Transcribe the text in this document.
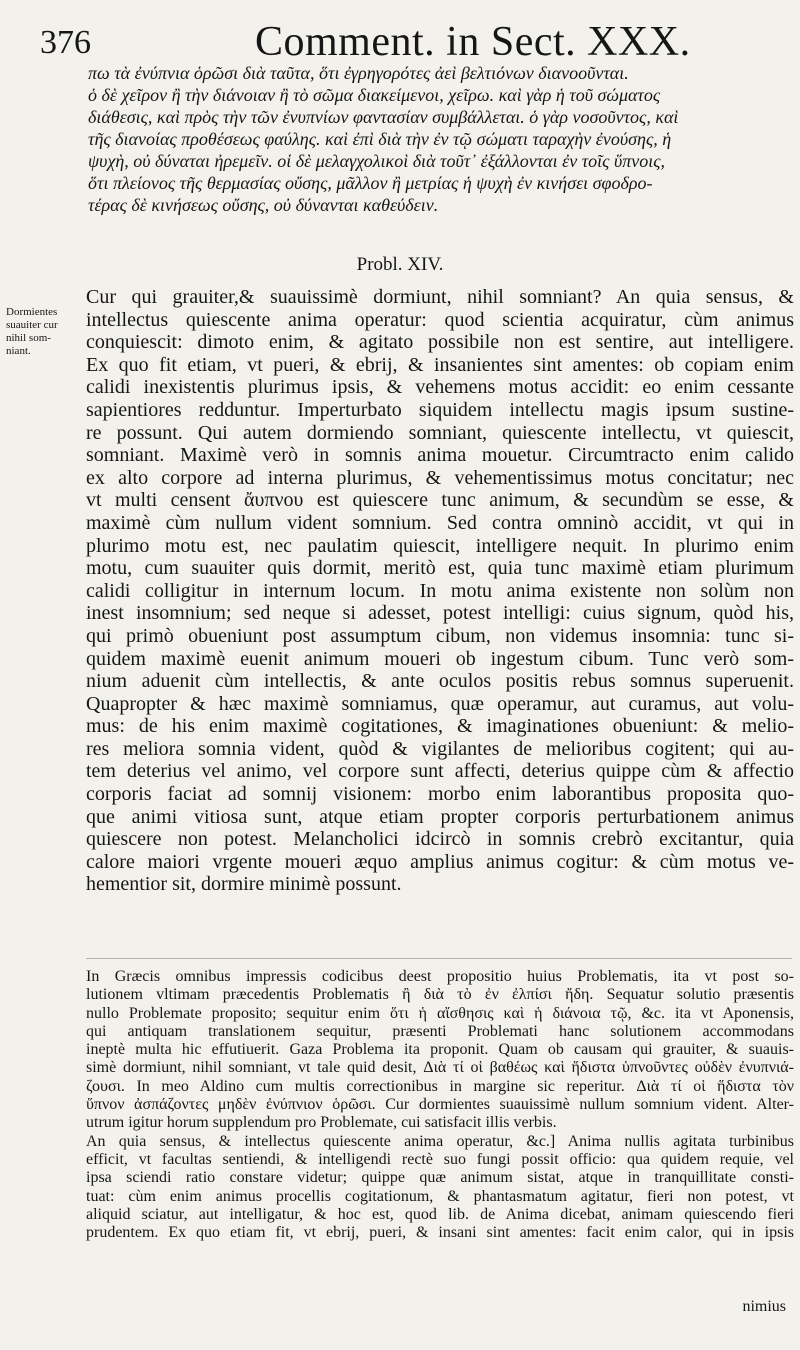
376	Comment. in Sect. XXX.
πω τὰ ἐνύπνια ὁρῶσι διὰ ταῦτα, ὅτι ἐγρηγορότες ἀεὶ βελτιόνων διανοοῦνται.
ὁ δὲ χεῖρον ἢ τὴν διάνοιαν ἢ τὸ σῶμα διακείμενοι, χεῖρω. καὶ γὰρ ἡ τοῦ σώματος
διάθεσις, καὶ πρὸς τὴν τῶν ἐνυπνίων φαντασίαν συμβάλλεται. ὁ γὰρ νοσοῦντος, καὶ
τῆς διανοίας προθέσεως φαύλης. καὶ ἐπὶ διὰ τὴν ἐν τῷ σώματι ταραχὴν ἐνούσης, ἡ
ψυχὴ, οὐ δύναται ἠρεμεῖν. οἱ δὲ μελαγχολικοὶ διὰ τοῦτ᾽ ἐξάλλονται ἐν τοῖς ὕπνοις,
ὅτι πλείονος τῆς θερμασίας οὔσης, μᾶλλον ἢ μετρίας ἡ ψυχὴ ἐν κινήσει σφοδρο-
τέρας δὲ κινήσεως οὔσης, οὐ δύνανται καθεύδειν.
Probl. XIV.
Dormientes
suauiter cur
nihil som-
niant.
Cur qui grauiter,& suauissimè dormiunt, nihil somniant? An quia sensus, &
intellectus quiescente anima operatur: quod scientia acquiratur, cùm animus
conquiescit: dimoto enim, & agitato possibile non est sentire, aut intelligere.
Ex quo fit etiam, vt pueri, & ebrij, & insanientes sint amentes: ob copiam enim
calidi inexistentis plurimus ipsis, & vehemens motus accidit: eo enim cessante
sapientiores redduntur. Imperturbato siquidem intellectu magis ipsum sustine-
re possunt. Qui autem dormiendo somniant, quiescente intellectu, vt quiescit,
somniant. Maximè verò in somnis anima mouetur. Circumtracto enim calido
ex alto corpore ad interna plurimus, & vehementissimus motus concitatur; nec
vt multi censent ἄυπνου est quiescere tunc animum, & secundùm se esse, &
maximè cùm nullum vident somnium. Sed contra omninò accidit, vt qui in
plurimo motu est, nec paulatim quiescit, intelligere nequit. In plurimo enim
motu, cum suauiter quis dormit, meritò est, quia tunc maximè etiam plurimum
calidi colligitur in internum locum. In motu anima existente non solùm non
inest insomnium; sed neque si adesset, potest intelligi: cuius signum, quòd his,
qui primò obueniunt post assumptum cibum, non videmus insomnia: tunc si-
quidem maximè euenit animum moueri ob ingestum cibum. Tunc verò som-
nium aduenit cùm intellectis, & ante oculos positis rebus somnus superuenit.
Quapropter & hæc maximè somniamus, quæ operamur, aut curamus, aut volu-
mus: de his enim maximè cogitationes, & imaginationes obueniunt: & melio-
res meliora somnia vident, quòd & vigilantes de melioribus cogitent; qui au-
tem deterius vel animo, vel corpore sunt affecti, deterius quippe cùm & affectio
corporis faciat ad somnij visionem: morbo enim laborantibus proposita quo-
que animi vitiosa sunt, atque etiam propter corporis perturbationem animus
quiescere non potest. Melancholici idcircò in somnis crebrò excitantur, quia
calore maiori vrgente moueri æquo amplius animus cogitur: & cùm motus ve-
hementior sit, dormire minimè possunt.
In Græcis omnibus impressis codicibus deest propositio huius Problematis, ita vt post so-
lutionem vltimam præcedentis Problematis ἢ διὰ τὸ ἐν ἐλπίσι ἤδη. Sequatur solutio præsentis
nullo Problemate proposito; sequitur enim ὅτι ἡ αἴσθησις καὶ ἡ διάνοια τῷ, &c. ita vt Aponensis,
qui antiquam translationem sequitur, præsenti Problemati hanc solutionem accommodans
ineptè multa hic effutiuerit. Gaza Problema ita proponit. Quam ob causam qui grauiter, & suauis-
simè dormiunt, nihil somniant, vt tale quid desit, Διὰ τί οἱ βαθέως καὶ ἥδιστα ὑπνοῦντες οὐδὲν ἐνυπνιά-
ζουσι. In meo Aldino cum multis correctionibus in margine sic reperitur. Διὰ τί οἱ ἥδιστα τὸν
ὕπνον ἀσπάζοντες μηδὲν ἐνύπνιον ὁρῶσι. Cur dormientes suauissimè nullum somnium vident. Alter-
utrum igitur horum supplendum pro Problemate, cui satisfacit illis verbis.
An quia sensus, & intellectus quiescente anima operatur, &c.] Anima nullis agitata turbinibus
efficit, vt facultas sentiendi, & intelligendi rectè suo fungi possit officio: qua quidem requie, vel
ipsa sciendi ratio constare videtur; quippe quæ animum sistat, atque in tranquillitate consti-
tuat: cùm enim animus procellis cogitationum, & phantasmatum agitatur, fieri non potest, vt
aliquid sciatur, aut intelligatur, & hoc est, quod lib. de Anima dicebat, animam quiescendo fieri
prudentem. Ex quo etiam fit, vt ebrij, pueri, & insani sint amentes: facit enim calor, qui in ipsis
nimius
